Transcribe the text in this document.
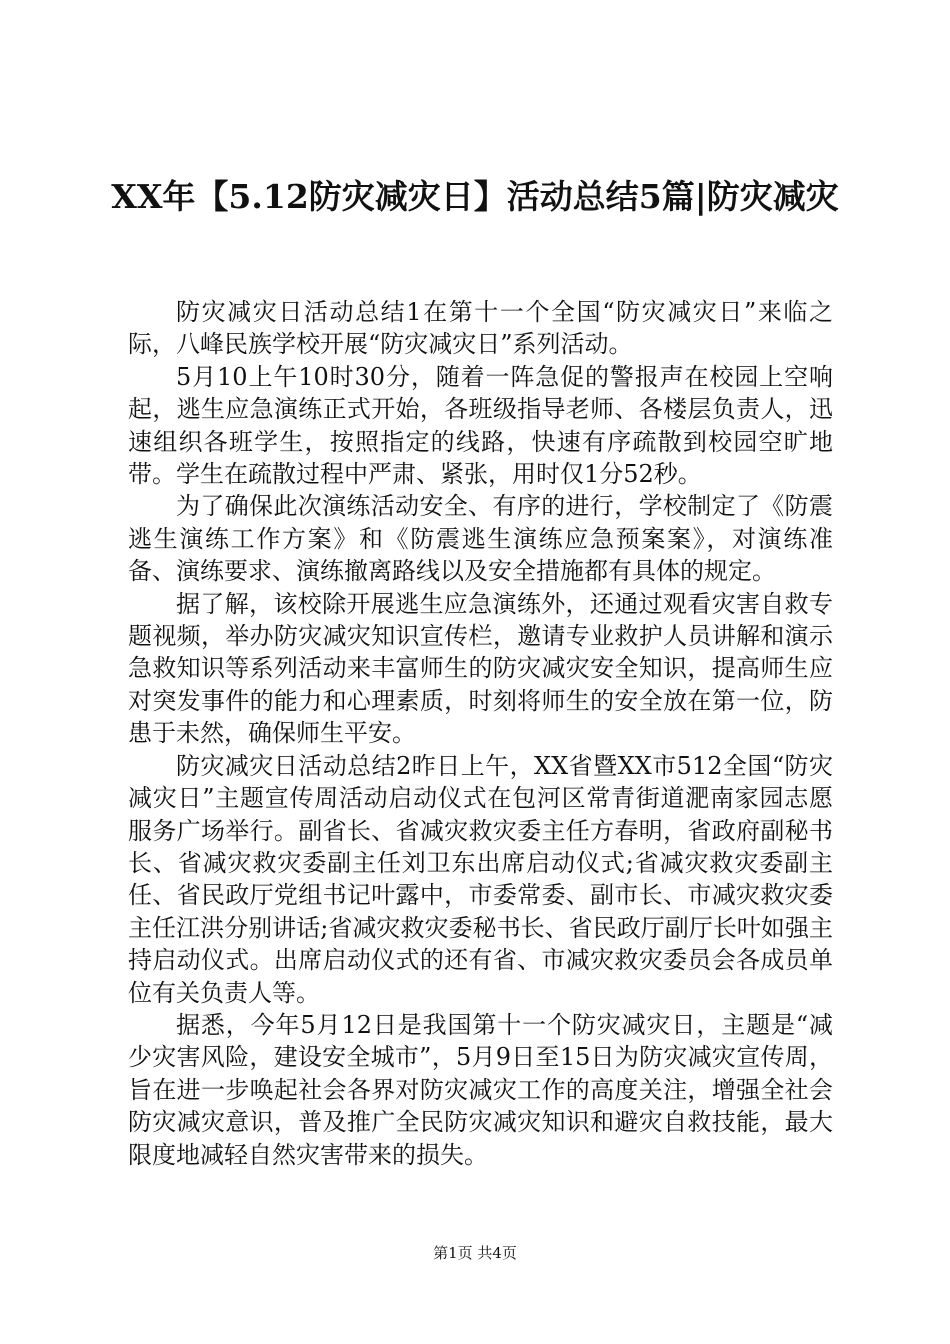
XX年【5.12防灾减灾日】活动总结5篇|防灾减灾

防灾减灾日活动总结1在第十一个全国“防灾减灾日”来临之际，八峰民族学校开展“防灾减灾日”系列活动。

5月10上午10时30分，随着一阵急促的警报声在校园上空响起，逃生应急演练正式开始，各班级指导老师、各楼层负责人，迅速组织各班学生，按照指定的线路，快速有序疏散到校园空旷地带。学生在疏散过程中严肃、紧张，用时仅1分52秒。

为了确保此次演练活动安全、有序的进行，学校制定了《防震逃生演练工作方案》和《防震逃生演练应急预案案》，对演练准备、演练要求、演练撤离路线以及安全措施都有具体的规定。

据了解，该校除开展逃生应急演练外，还通过观看灾害自救专题视频，举办防灾减灾知识宣传栏，邀请专业救护人员讲解和演示急救知识等系列活动来丰富师生的防灾减灾安全知识，提高师生应对突发事件的能力和心理素质，时刻将师生的安全放在第一位，防患于未然，确保师生平安。

防灾减灾日活动总结2昨日上午，XX省暨XX市512全国“防灾减灾日”主题宣传周活动启动仪式在包河区常青街道淝南家园志愿服务广场举行。副省长、省减灾救灾委主任方春明，省政府副秘书长、省减灾救灾委副主任刘卫东出席启动仪式;省减灾救灾委副主任、省民政厅党组书记叶露中，市委常委、副市长、市减灾救灾委主任江洪分别讲话;省减灾救灾委秘书长、省民政厅副厅长叶如强主持启动仪式。出席启动仪式的还有省、市减灾救灾委员会各成员单位有关负责人等。

据悉，今年5月12日是我国第十一个防灾减灾日，主题是“减少灾害风险，建设安全城市”，5月9日至15日为防灾减灾宣传周，旨在进一步唤起社会各界对防灾减灾工作的高度关注，增强全社会防灾减灾意识，普及推广全民防灾减灾知识和避灾自救技能，最大限度地减轻自然灾害带来的损失。

第1页 共4页
